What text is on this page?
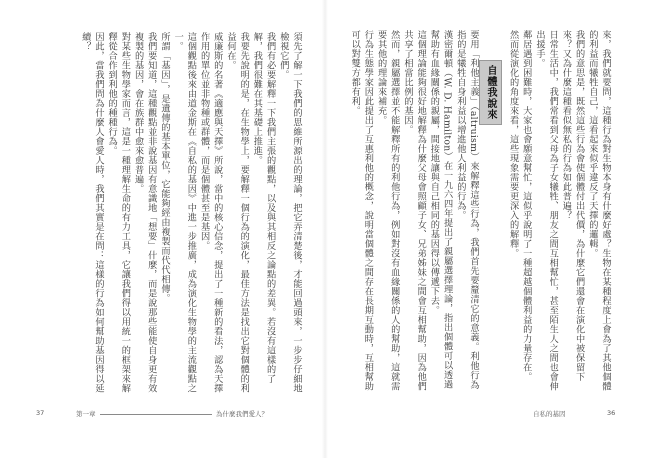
須先了解一下我們的思維所源出的理論，把它弄清楚後，才能回過頭來，一步步仔細地檢視它們。

我們有必要解釋一下我們主張的觀點，以及與其相反之論點的差異。若沒有這樣的了解，我們很難在其基礎上推進。

我要先說明的是，在生物學上，要解釋一個行為的演化，最佳方法是找出它對個體的利益何在。

威廉斯的名著《適應與天擇》所說，當中的核心信念，提出了一種新的看法，認為天擇作用的單位並非物種或群體，而是個體甚至是基因。

這個觀點後來由道金斯在《自私的基因》中進一步推廣，成為演化生物學的主流觀點之一。

所謂「基因」，是遺傳的基本單位，它能夠經由複製而代代相傳。

我們要知道，這種觀點並非說基因有意識地「想要」什麼，而是說那些能使自身更有效複製的基因，會在族群中愈來愈普遍。

對某些生物學家而言，這是一種理解生命的有力工具，它讓我們得以用統一的框架來解釋從合作到利他的種種行為。

因此，當我們問為什麼人會愛人時，我們其實是在問：這樣的行為如何幫助基因得以延續？

37	第一章	為什麼我們愛人？

來，我們就要問，這種行為對生物本身有什麼好處？生物在某種程度上會為了其他個體的利益而犧牲自己，這看起來似乎違反了天擇的邏輯。

我們的意思是，既然這些行為會使個體付出代價，為什麼它們還會在演化中被保留下來？又為什麼這種看似無私的行為如此普遍？

日常生活中，我們常看到父母為子女犧牲、朋友之間互相幫忙，甚至陌生人之間也會伸出援手。

鄰居遇到困難時，大家也會願意幫忙，這似乎說明了一種超越個體利益的力量存在。

然而從演化的角度來看，這些現象需要更深入的解釋。

自體我說來

要用「利他主義」（altruism）來解釋這些行為，我們首先要釐清它的意義。利他行為指的是犧牲自身利益以增進他人利益的行為。

漢密爾頓（W. D. Hamilton）在一九六四年提出了親屬選擇理論，指出個體可以透過幫助有血緣關係的親屬，間接地讓與自己相同的基因得以傳遞下去。

這個理論能夠很好地解釋為什麼父母會照顧子女、兄弟姊妹之間會互相幫助，因為他們共享了相當比例的基因。

然而，親屬選擇並不能解釋所有的利他行為，例如對沒有血緣關係的人的幫助，這就需要其他的理論來補充。

行為生態學家因此提出了互惠利他的概念，說明當個體之間存在長期互動時，互相幫助可以對雙方都有利。

自私的基因	36
